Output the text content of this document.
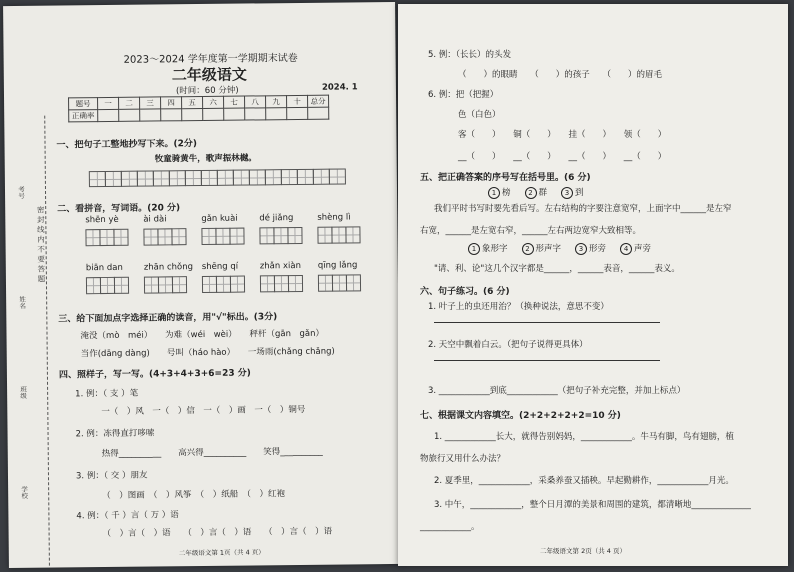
2023～2024 学年度第一学期期末试卷
二年级语文
(时间：60 分钟)	2024. 1
题号	一	二	三	四	五	六	七	八	九	十	总分
正确率											
考号
姓名
班级
学校
密 封 线 内 不 要 答 题
一、把句子工整地抄写下来。(2分)
牧童骑黄牛，歌声振林樾。
二、看拼音，写词语。(20 分)
shēn yè	ài dài	gǎn kuài	dé jiǎng	shèng lì
biān dan	zhān chǒng	shēng qí	zhǎn xiàn	qīng lǎng
三、给下面加点字选择正确的读音，用"√"标出。(3分)
淹没（mò　méi）　　为难（wéi　wèi）　　秤杆（gān　gǎn）
当作(dāng dàng)　　号叫（háo hào）　　一场雨(chǎng chǎng)
四、照样子，写一写。(4+3+4+3+6=23 分)
1. 例：（ 支 ）笔
一（　）风　一（　）信　一（　）画　一（　）铜号
2. 例：冻得直打哆嗦
热得__________　　高兴得__________　　笑得__________
3. 例：（ 交 ）朋友
（　）图画　（　）风筝　（　）纸船　（　）红袍
4. 例：（ 千 ）言（ 万 ）语
（　）言（　）语　　（　）言（　）语　　（　）言（　）语
二年级语文第 1页（共 4 页）
5. 例：（长长）的头发
（　　）的眼睛　　（　　）的孩子　　（　　）的眉毛
6. 例：把（把握）
色（白色）
客（　　）　　铜（　　）　　挂（　　）　　领（　　）
__（　　）　　__（　　）　　__（　　）　　__（　　）
五、把正确答案的序号写在括号里。(6 分)
1 榜	2 群	3 到
我们平时书写时要先看后写。左右结构的字要注意宽窄，上面字中______是左窄
右宽，______是左宽右窄，______左右两边宽窄大致相等。
1 象形字	2 形声字	3 形旁	4 声旁
"请、利、论"这几个汉字都是______，______表音，______表义。
六、句子练习。(6 分)
1. 叶子上的虫还用治？（换种说法，意思不变）
2. 天空中飘着白云。（把句子说得更具体）
3. ____________到底____________（把句子补充完整，并加上标点）
七、根据课文内容填空。(2+2+2+2+2=10 分)
1. ____________长大，就得告别妈妈，____________。牛马有脚，鸟有翅膀，植
物旅行又用什么办法？
2. 夏季里，____________，采桑养蚕又插秧。早起勤耕作，____________月光。
3. 中午，____________，整个日月潭的美景和周围的建筑，都清晰地______________
____________。
二年级语文第 2页（共 4 页）
